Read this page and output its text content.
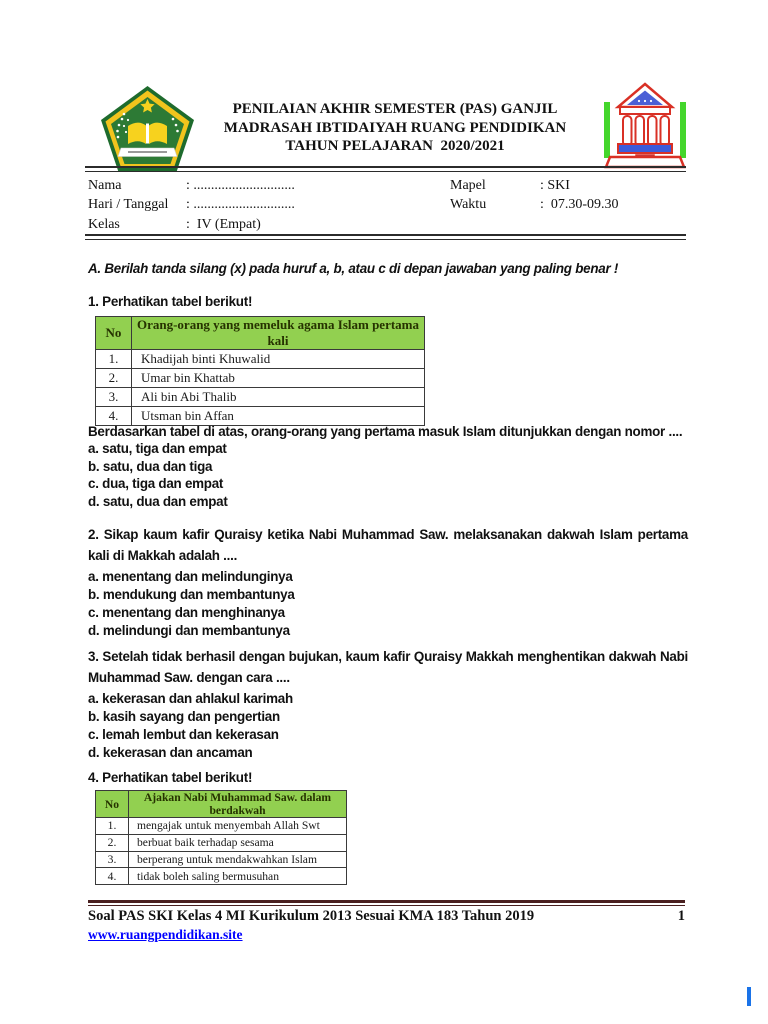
PENILAIAN AKHIR SEMESTER (PAS) GANJIL
MADRASAH IBTIDAIYAH RUANG PENDIDIKAN
TAHUN PELAJARAN  2020/2021
Nama	: .............................
Hari / Tanggal	: .............................
Kelas	:  IV (Empat)
Mapel	: SKI
Waktu	:  07.30-09.30
A. Berilah tanda silang (x) pada huruf a, b, atau c di depan jawaban yang paling benar !
1. Perhatikan tabel berikut!
No	Orang-orang yang memeluk agama Islam pertama kali
1.	Khadijah binti Khuwalid
2.	Umar bin Khattab
3.	Ali bin Abi Thalib
4.	Utsman bin Affan
Berdasarkan tabel di atas, orang-orang yang pertama masuk Islam ditunjukkan dengan nomor ....
a. satu, tiga dan empat
b. satu, dua dan tiga
c. dua, tiga dan empat
d. satu, dua dan empat
2. Sikap kaum kafir Quraisy ketika Nabi Muhammad Saw. melaksanakan dakwah Islam pertama kali di Makkah adalah ....
a. menentang dan melindunginya
b. mendukung dan membantunya
c. menentang dan menghinanya
d. melindungi dan membantunya
3. Setelah tidak berhasil dengan bujukan, kaum kafir Quraisy Makkah menghentikan dakwah Nabi Muhammad Saw. dengan cara ....
a. kekerasan dan ahlakul karimah
b. kasih sayang dan pengertian
c. lemah lembut dan kekerasan
d. kekerasan dan ancaman
4. Perhatikan tabel berikut!
No	Ajakan Nabi Muhammad Saw. dalam berdakwah
1.	mengajak untuk menyembah Allah Swt
2.	berbuat baik terhadap sesama
3.	berperang untuk mendakwahkan Islam
4.	tidak boleh saling bermusuhan
Soal PAS SKI Kelas 4 MI Kurikulum 2013 Sesuai KMA 183 Tahun 2019	1
www.ruangpendidikan.site
